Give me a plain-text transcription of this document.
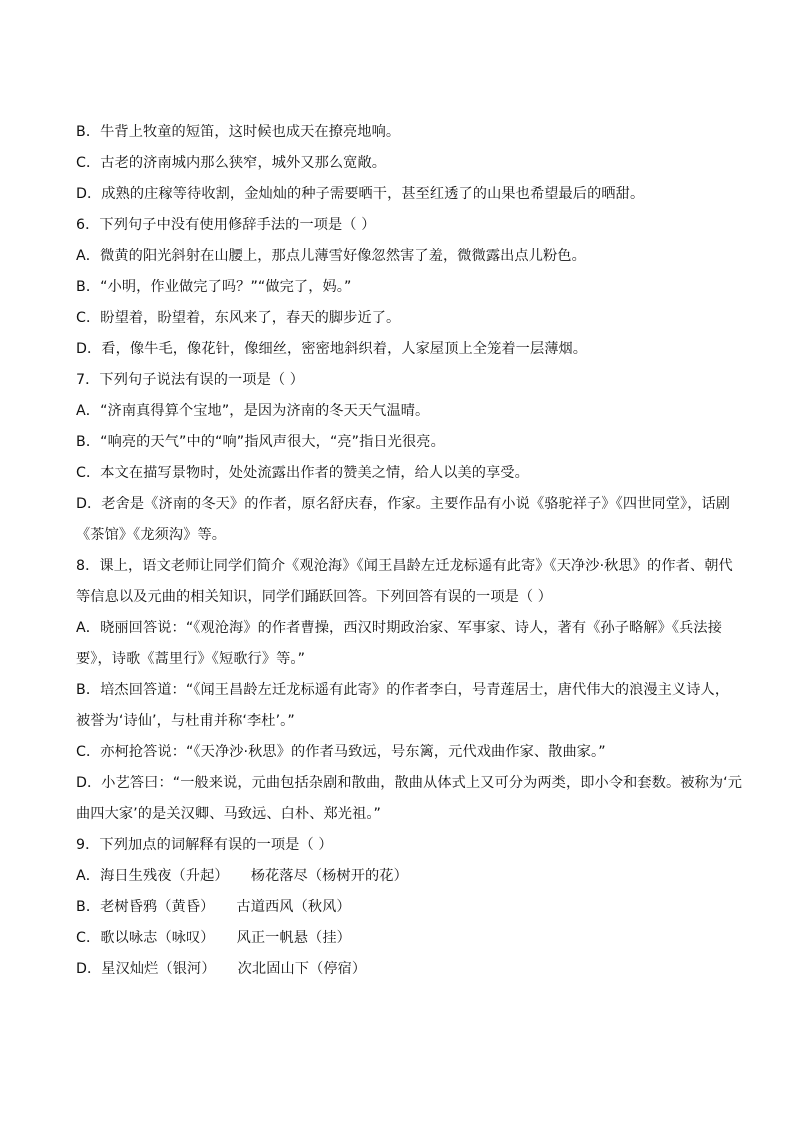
B．牛背上牧童的短笛，这时候也成天在撩亮地响。
C．古老的济南城内那么狭窄，城外又那么宽敞。
D．成熟的庄稼等待收割，金灿灿的种子需要晒干，甚至红透了的山果也希望最后的晒甜。
6．下列句子中没有使用修辞手法的一项是（ ）
A．微黄的阳光斜射在山腰上，那点儿薄雪好像忽然害了羞，微微露出点儿粉色。
B．“小明，作业做完了吗？”“做完了，妈。”
C．盼望着，盼望着，东风来了，春天的脚步近了。
D．看，像牛毛，像花针，像细丝，密密地斜织着，人家屋顶上全笼着一层薄烟。
7．下列句子说法有误的一项是（ ）
A．“济南真得算个宝地”，是因为济南的冬天天气温晴。
B．“响亮的天气”中的“响”指风声很大，“亮”指日光很亮。
C．本文在描写景物时，处处流露出作者的赞美之情，给人以美的享受。
D．老舍是《济南的冬天》的作者，原名舒庆春，作家。主要作品有小说《骆驼祥子》《四世同堂》，话剧
《茶馆》《龙须沟》等。
8．课上，语文老师让同学们简介《观沧海》《闻王昌龄左迁龙标遥有此寄》《天净沙·秋思》的作者、朝代
等信息以及元曲的相关知识，同学们踊跃回答。下列回答有误的一项是（ ）
A．晓丽回答说：“《观沧海》的作者曹操，西汉时期政治家、军事家、诗人，著有《孙子略解》《兵法接
要》，诗歌《蒿里行》《短歌行》等。”
B．培杰回答道：“《闻王昌龄左迁龙标遥有此寄》的作者李白，号青莲居士，唐代伟大的浪漫主义诗人，
被誉为‘诗仙’，与杜甫并称‘李杜’。”
C．亦柯抢答说：“《天净沙·秋思》的作者马致远，号东篱，元代戏曲作家、散曲家。”
D．小艺答曰：“一般来说，元曲包括杂剧和散曲，散曲从体式上又可分为两类，即小令和套数。被称为‘元
曲四大家’的是关汉卿、马致远、白朴、郑光祖。”
9．下列加点的词解释有误的一项是（ ）
A．海日生残夜（升起） 杨花落尽（杨树开的花）
B．老树昏鸦（黄昏） 古道西风（秋风）
C．歌以咏志（咏叹） 风正一帆悬（挂）
D．星汉灿烂（银河） 次北固山下（停宿）
